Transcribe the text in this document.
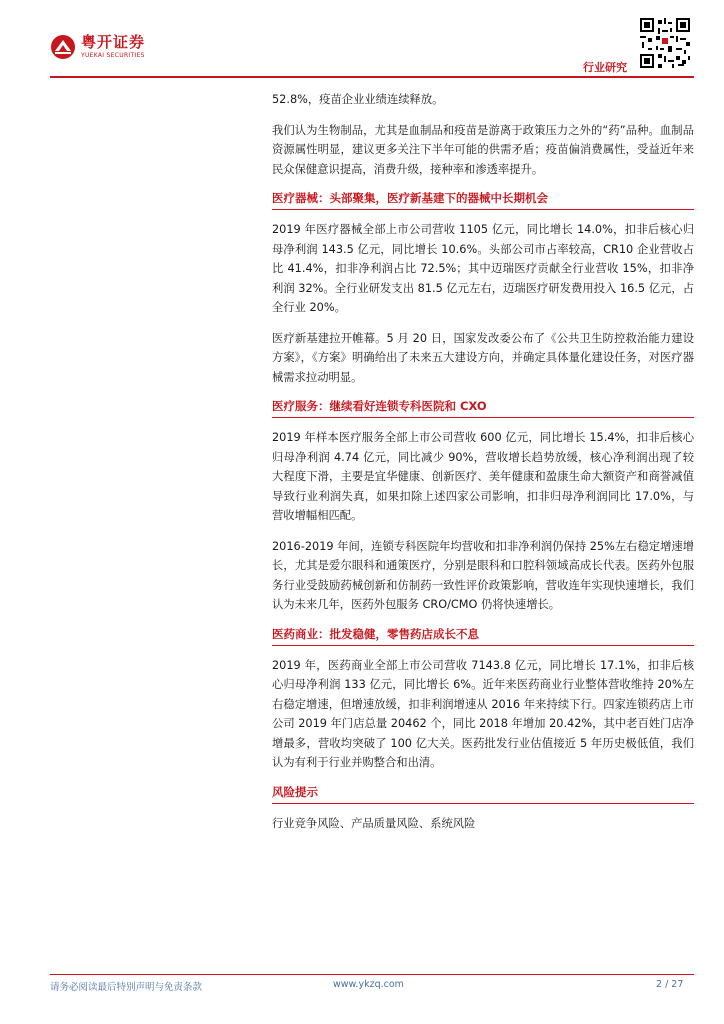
粤开证券
YUEKAI SECURITIES
行业研究

52.8%，疫苗企业业绩连续释放。

我们认为生物制品，尤其是血制品和疫苗是游离于政策压力之外的“药”品种。血制品资源属性明显，建议更多关注下半年可能的供需矛盾；疫苗偏消费属性，受益近年来民众保健意识提高，消费升级，接种率和渗透率提升。

医疗器械：头部聚集，医疗新基建下的器械中长期机会

2019 年医疗器械全部上市公司营收 1105 亿元，同比增长 14.0%，扣非后核心归母净利润 143.5 亿元，同比增长 10.6%。头部公司市占率较高，CR10 企业营收占比 41.4%，扣非净利润占比 72.5%；其中迈瑞医疗贡献全行业营收 15%，扣非净利润 32%。全行业研发支出 81.5 亿元左右，迈瑞医疗研发费用投入 16.5 亿元，占全行业 20%。

医疗新基建拉开帷幕。5 月 20 日，国家发改委公布了《公共卫生防控救治能力建设方案》，《方案》明确给出了未来五大建设方向，并确定具体量化建设任务，对医疗器械需求拉动明显。

医疗服务：继续看好连锁专科医院和 CXO

2019 年样本医疗服务全部上市公司营收 600 亿元，同比增长 15.4%，扣非后核心归母净利润 4.74 亿元，同比减少 90%，营收增长趋势放缓，核心净利润出现了较大程度下滑，主要是宜华健康、创新医疗、美年健康和盈康生命大额资产和商誉减值导致行业利润失真，如果扣除上述四家公司影响，扣非归母净利润同比 17.0%，与营收增幅相匹配。

2016-2019 年间，连锁专科医院年均营收和扣非净利润仍保持 25%左右稳定增速增长，尤其是爱尔眼科和通策医疗，分别是眼科和口腔科领域高成长代表。医药外包服务行业受鼓励药械创新和仿制药一致性评价政策影响，营收连年实现快速增长，我们认为未来几年，医药外包服务 CRO/CMO 仍将快速增长。

医药商业：批发稳健，零售药店成长不息

2019 年，医药商业全部上市公司营收 7143.8 亿元，同比增长 17.1%，扣非后核心归母净利润 133 亿元，同比增长 6%。近年来医药商业行业整体营收维持 20%左右稳定增速，但增速放缓，扣非利润增速从 2016 年来持续下行。四家连锁药店上市公司 2019 年门店总量 20462 个，同比 2018 年增加 20.42%，其中老百姓门店净增最多，营收均突破了 100 亿大关。医药批发行业估值接近 5 年历史极低值，我们认为有利于行业并购整合和出清。

风险提示

行业竞争风险、产品质量风险、系统风险

请务必阅读最后特别声明与免责条款	www.ykzq.com	2 / 27
